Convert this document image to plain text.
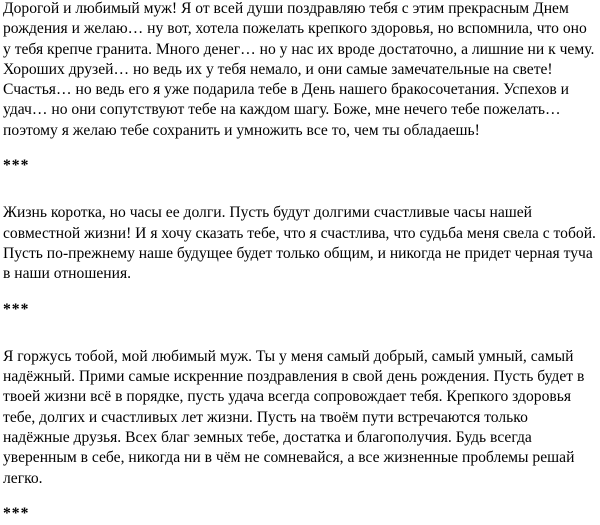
Дорогой и любимый муж! Я от всей души поздравляю тебя с этим прекрасным Днем рождения и желаю… ну вот, хотела пожелать крепкого здоровья, но вспомнила, что оно у тебя крепче гранита. Много денег… но у нас их вроде достаточно, а лишние ни к чему. Хороших друзей… но ведь их у тебя немало, и они самые замечательные на свете! Счастья… но ведь его я уже подарила тебе в День нашего бракосочетания. Успехов и удач… но они сопутствуют тебе на каждом шагу. Боже, мне нечего тебе пожелать… поэтому я желаю тебе сохранить и умножить все то, чем ты обладаешь!

***

Жизнь коротка, но часы ее долги. Пусть будут долгими счастливые часы нашей совместной жизни! И я хочу сказать тебе, что я счастлива, что судьба меня свела с тобой. Пусть по-прежнему наше будущее будет только общим, и никогда не придет черная туча в наши отношения.

***

Я горжусь тобой, мой любимый муж. Ты у меня самый добрый, самый умный, самый надёжный. Прими самые искренние поздравления в свой день рождения. Пусть будет в твоей жизни всё в порядке, пусть удача всегда сопровождает тебя. Крепкого здоровья тебе, долгих и счастливых лет жизни. Пусть на твоём пути встречаются только надёжные друзья. Всех благ земных тебе, достатка и благополучия. Будь всегда уверенным в себе, никогда ни в чём не сомневайся, а все жизненные проблемы решай легко.

***
